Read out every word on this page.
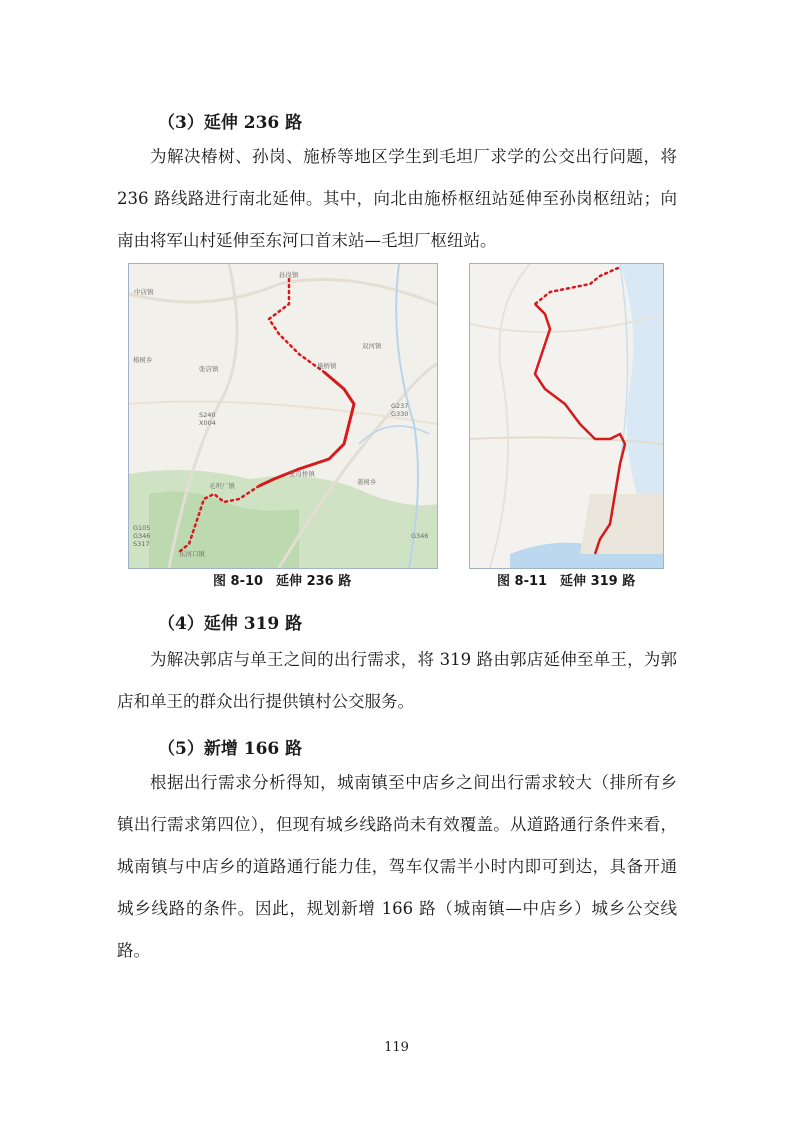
（3）延伸 236 路
为解决椿树、孙岗、施桥等地区学生到毛坦厂求学的公交出行问题，将 236 路线路进行南北延伸。其中，向北由施桥枢纽站延伸至孙岗枢纽站；向南由将军山村延伸至东河口首末站—毛坦厂枢纽站。
孙岗镇
中店镇
椿树乡
张店镇	施桥镇
双河镇
G237
G330
S240
X004
张母桥镇
毛坦厂镇	姜树乡
G346
G105
G346
S317
东河口镇
图 8-10　延伸 236 路	图 8-11　延伸 319 路
（4）延伸 319 路
为解决郭店与单王之间的出行需求，将 319 路由郭店延伸至单王，为郭店和单王的群众出行提供镇村公交服务。
（5）新增 166 路
根据出行需求分析得知，城南镇至中店乡之间出行需求较大（排所有乡镇出行需求第四位），但现有城乡线路尚未有效覆盖。从道路通行条件来看，城南镇与中店乡的道路通行能力佳，驾车仅需半小时内即可到达，具备开通城乡线路的条件。因此，规划新增 166 路（城南镇—中店乡）城乡公交线路。
119
